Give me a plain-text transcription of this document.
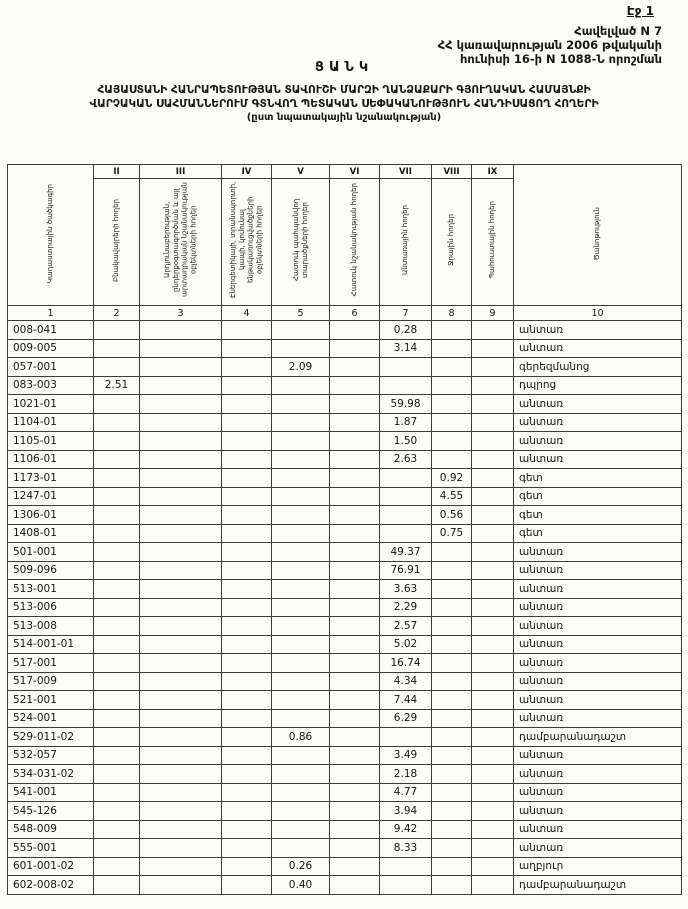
Էջ 1
Հավելված N 7
ՀՀ կառավարության 2006 թվականի
հունիսի 16-ի N 1088-Ն որոշման
ՑԱՆԿ
ՀԱՅԱՍՏԱՆԻ ՀԱՆՐԱՊԵՏՈՒԹՅԱՆ ՏԱՎՈՒՇԻ ՄԱՐԶԻ ՂԱՆՁԱՔԱՐԻ ԳՅՈՒՂԱԿԱՆ ՀԱՄԱՅՆՔԻ
ՎԱՐՉԱԿԱՆ ՍԱՀՄԱՆՆԵՐՈՒՄ ԳՏՆՎՈՂ ՊԵՏԱԿԱՆ ՍԵՓԱԿԱՆՈՒԹՅՈՒՆ ՀԱՆԴԻՍԱՑՈՂ ՀՈՂԵՐԻ
(ըստ նպատակային նշանակության)
Կադաստրային ծածկագիր	II	III	IV	V	VI	VII	VIII	IX	Ծանոթություն
	Բնակավայրերի հողեր	Արդյունաբերության, ընդերքօգտագործման և այլ արտադրական նշանակության օբյեկտների հողեր	Էներգետիկայի, տրանսպորտի, կապի, կոմունալ ենթակառուցվածքների օբյեկտների հողեր	Հատուկ պահպանվող տարածքների հողեր	Հատուկ նշանակության հողեր	Անտառային հողեր	Ջրային հողեր	Պահուստային հողեր	
1	2	3	4	5	6	7	8	9	10
008-041						0.28			անտառ
009-005						3.14			անտառ
057-001				2.09					գերեզմանոց
083-003	2.51								դպրոց
1021-01						59.98			անտառ
1104-01						1.87			անտառ
1105-01						1.50			անտառ
1106-01						2.63			անտառ
1173-01							0.92		գետ
1247-01							4.55		գետ
1306-01							0.56		գետ
1408-01							0.75		գետ
501-001						49.37			անտառ
509-096						76.91			անտառ
513-001						3.63			անտառ
513-006						2.29			անտառ
513-008						2.57			անտառ
514-001-01						5.02			անտառ
517-001						16.74			անտառ
517-009						4.34			անտառ
521-001						7.44			անտառ
524-001						6.29			անտառ
529-011-02				0.86					դամբարանադաշտ
532-057						3.49			անտառ
534-031-02						2.18			անտառ
541-001						4.77			անտառ
545-126						3.94			անտառ
548-009						9.42			անտառ
555-001						8.33			անտառ
601-001-02				0.26					աղբյուր
602-008-02				0.40					դամբարանադաշտ
